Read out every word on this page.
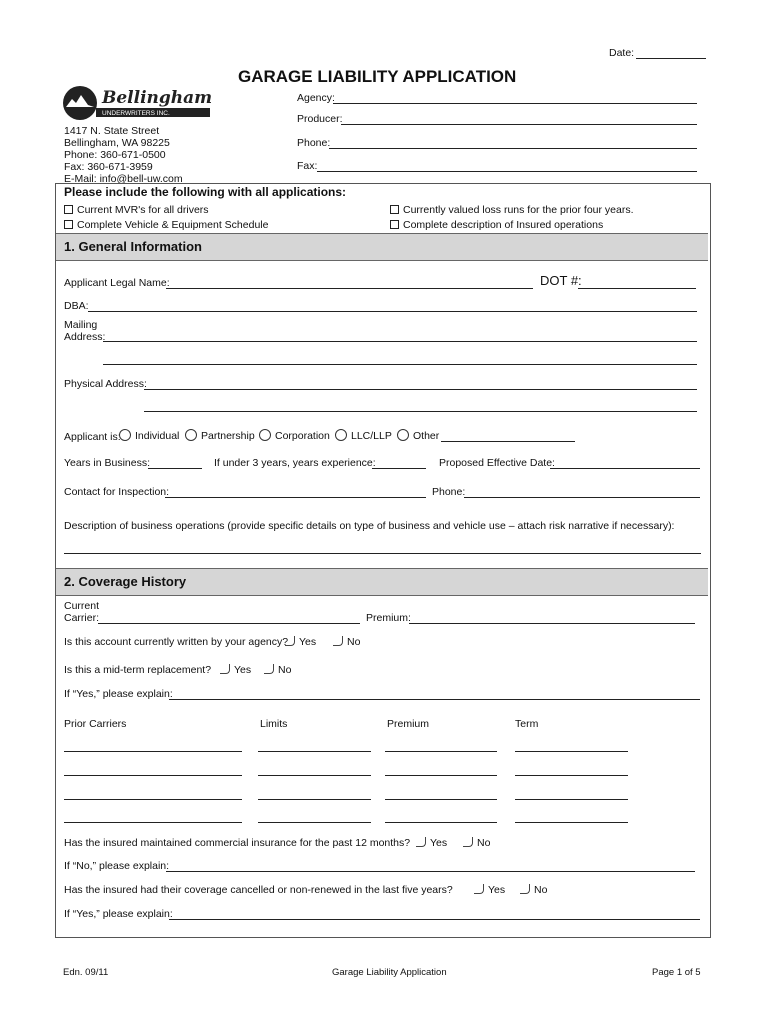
Date:
GARAGE LIABILITY APPLICATION
Bellingham
UNDERWRITERS INC.
1417 N. State Street
Bellingham, WA 98225
Phone: 360-671-0500
Fax: 360-671-3959
E-Mail: info@bell-uw.com
Agency:
Producer:
Phone:
Fax:
Please include the following with all applications:
Current MVR's for all drivers
Complete Vehicle & Equipment Schedule
Currently valued loss runs for the prior four years.
Complete description of Insured operations
1. General Information
Applicant Legal Name:	DOT #:
DBA:
Mailing
Address:
Physical Address:
Applicant is:	Individual	Partnership	Corporation	LLC/LLP	Other
Years in Business:	If under 3 years, years experience:	Proposed Effective Date:
Contact for Inspection:	Phone:
Description of business operations (provide specific details on type of business and vehicle use – attach risk narrative if necessary):
2. Coverage History
Current
Carrier:	Premium:
Is this account currently written by your agency?	Yes	No
Is this a mid-term replacement?	Yes	No
If “Yes,” please explain:
Prior Carriers	Limits	Premium	Term
Has the insured maintained commercial insurance for the past 12 months?	Yes	No
If “No,” please explain:
Has the insured had their coverage cancelled or non-renewed in the last five years?	Yes	No
If “Yes,” please explain:
Edn. 09/11	Garage Liability Application	Page 1 of 5
